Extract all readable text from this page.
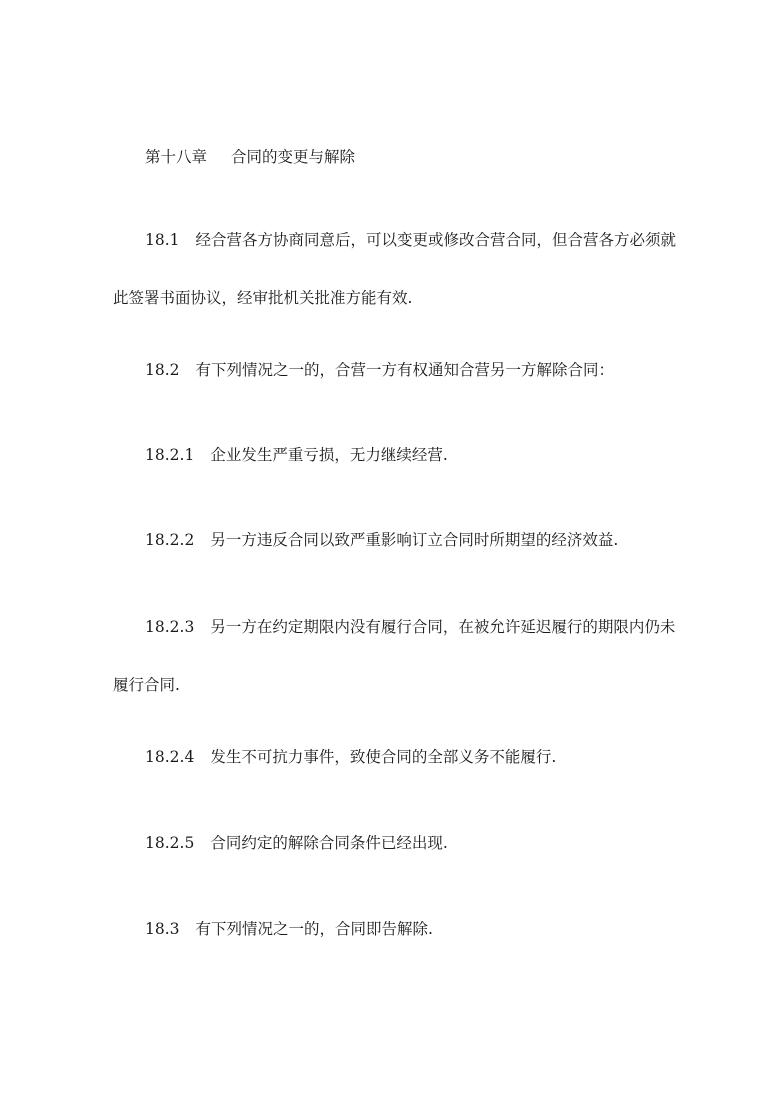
第十八章 合同的变更与解除
18.1 经合营各方协商同意后，可以变更或修改合营合同，但合营各方必须就
此签署书面协议，经审批机关批准方能有效.
18.2 有下列情况之一的，合营一方有权通知合营另一方解除合同：
18.2.1 企业发生严重亏损，无力继续经营.
18.2.2 另一方违反合同以致严重影响订立合同时所期望的经济效益.
18.2.3 另一方在约定期限内没有履行合同，在被允许延迟履行的期限内仍未
履行合同.
18.2.4 发生不可抗力事件，致使合同的全部义务不能履行.
18.2.5 合同约定的解除合同条件已经出现.
18.3 有下列情况之一的，合同即告解除.
